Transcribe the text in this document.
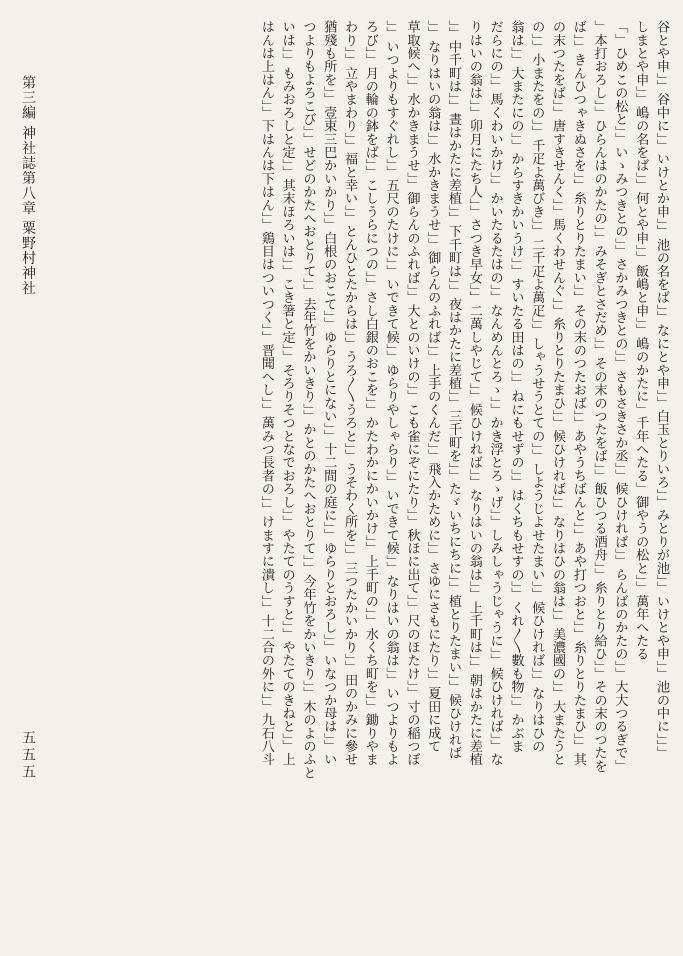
第三編 神社誌第八章 粟野村神社
五五五	谷とや申」」谷中に」」いけとか申」」池の名をば」」なにとや申」」白玉とりいろ」」みとりが池」」いけとや申」」池の中に」」」
しまとや申」」嶋の名をば」」何とや申」」飯嶋と申」」嶋のかたに」千年へたる」御やうの松と」」萬年へたる
「」ひめこの松と」」いゝみつきとの」」さかみつきとの」」さもさきさか丞」」候ひければ」」らんばのかたの」」大大つるぎで」
」本打おろし」」ひらんはのかたの」」みそぎとさだめ」」その末のつたをば」」飯ひつる酒舟」」糸りとり給ひ」」その末のつたを
ば」」きんひつゃきぬさを」」糸りとりたまい」」その末のつたおば」」あやうちばんと」」あや打つおと」」糸りとりたまひ」」其
の末つたをば」」唐すきせんく」」馬くわせんぐ」」糸りとりたまひ」」候ひければ」」なりはひの翁は」」美濃國の」」大またうと
の」」小またをの」」千疋よ萬びき」」二千疋よ萬疋」」しゃうせうとての」」しようじよせたまい」」候ひければ」」なりはひの
翁は」」大またにの」」からすきかいうけ」」すいたる田はの」」ねにもせずの」」はくちもせすの」」くれ〳〵數も物」」かぶま
だらにの」」馬くわいかけ」」かいたるたはの」」なんめんとろゝ」」かき浮とろゝげ」」しみしゃうじゃうに」」候ひければ」」な
りはいの翁は」」卯月にたち人」」さつき早女」」二萬しやじて」」候ひければ」」なりはいの翁は」」上千町は」」朝はかたに差植
」」中千町は」」晝はかたに差植」」下千町は」」夜はかたに差植」」三千町を」」たゞいちにちに」」植とりたまい」」候ひければ
」」なりはいの翁は」」水かきまうせ」」御らんのふれば」」上手のくんだ」」飛入かために」」さゆにさもにたり」」夏田に成て
草取候へ」」水かきまうせ」」御らんのふれば」」大とのいけの」」こも雀にぞにたり」」秋ほに出て」」尺のほたけ」」寸の稲つぼ
」」いつよりもすぐれし」」五尺のたけに」」いできて候」」ゆらりやしゃらり」」いできて候」」なりはいの翁は」」いつよりもよ
ろび」」月の輪の鉢をば」」こしうらにつの」」さし白銀のおこを」」かたわかにかいかけ」」上千町の」」水くち町を」」鋤りやま
わり」」立やまわり」」福と幸い」」とんひとたからは」」うろ〳〵うろと」」うそわく所を」」三つたかいかり」」田のかみに參せ
猶殘も所を」」壹束三巴かいかり」」白根のおこて」」ゆらりとにない」」十二間の庭に」」ゆらりとおろし」」いなつか母は」」い
つよりもよろこび」」せどのかたへおとりて」」去年竹をかいきり」」かとのかたへおとりて」」今年竹をかいきり」」木のよのふと
いは」」もみおろしと定」」其末ほろいは」」こき箸と定」」そろりそつとなでおろし」」やたてのうすと」」やたてのきねと」」上
はんは上はん」」下はんは下はん」」鶏目はついつく」」晋聞へし」」萬みつ長者の」」けますに潰し」」十二合の外に」」九石八斗
